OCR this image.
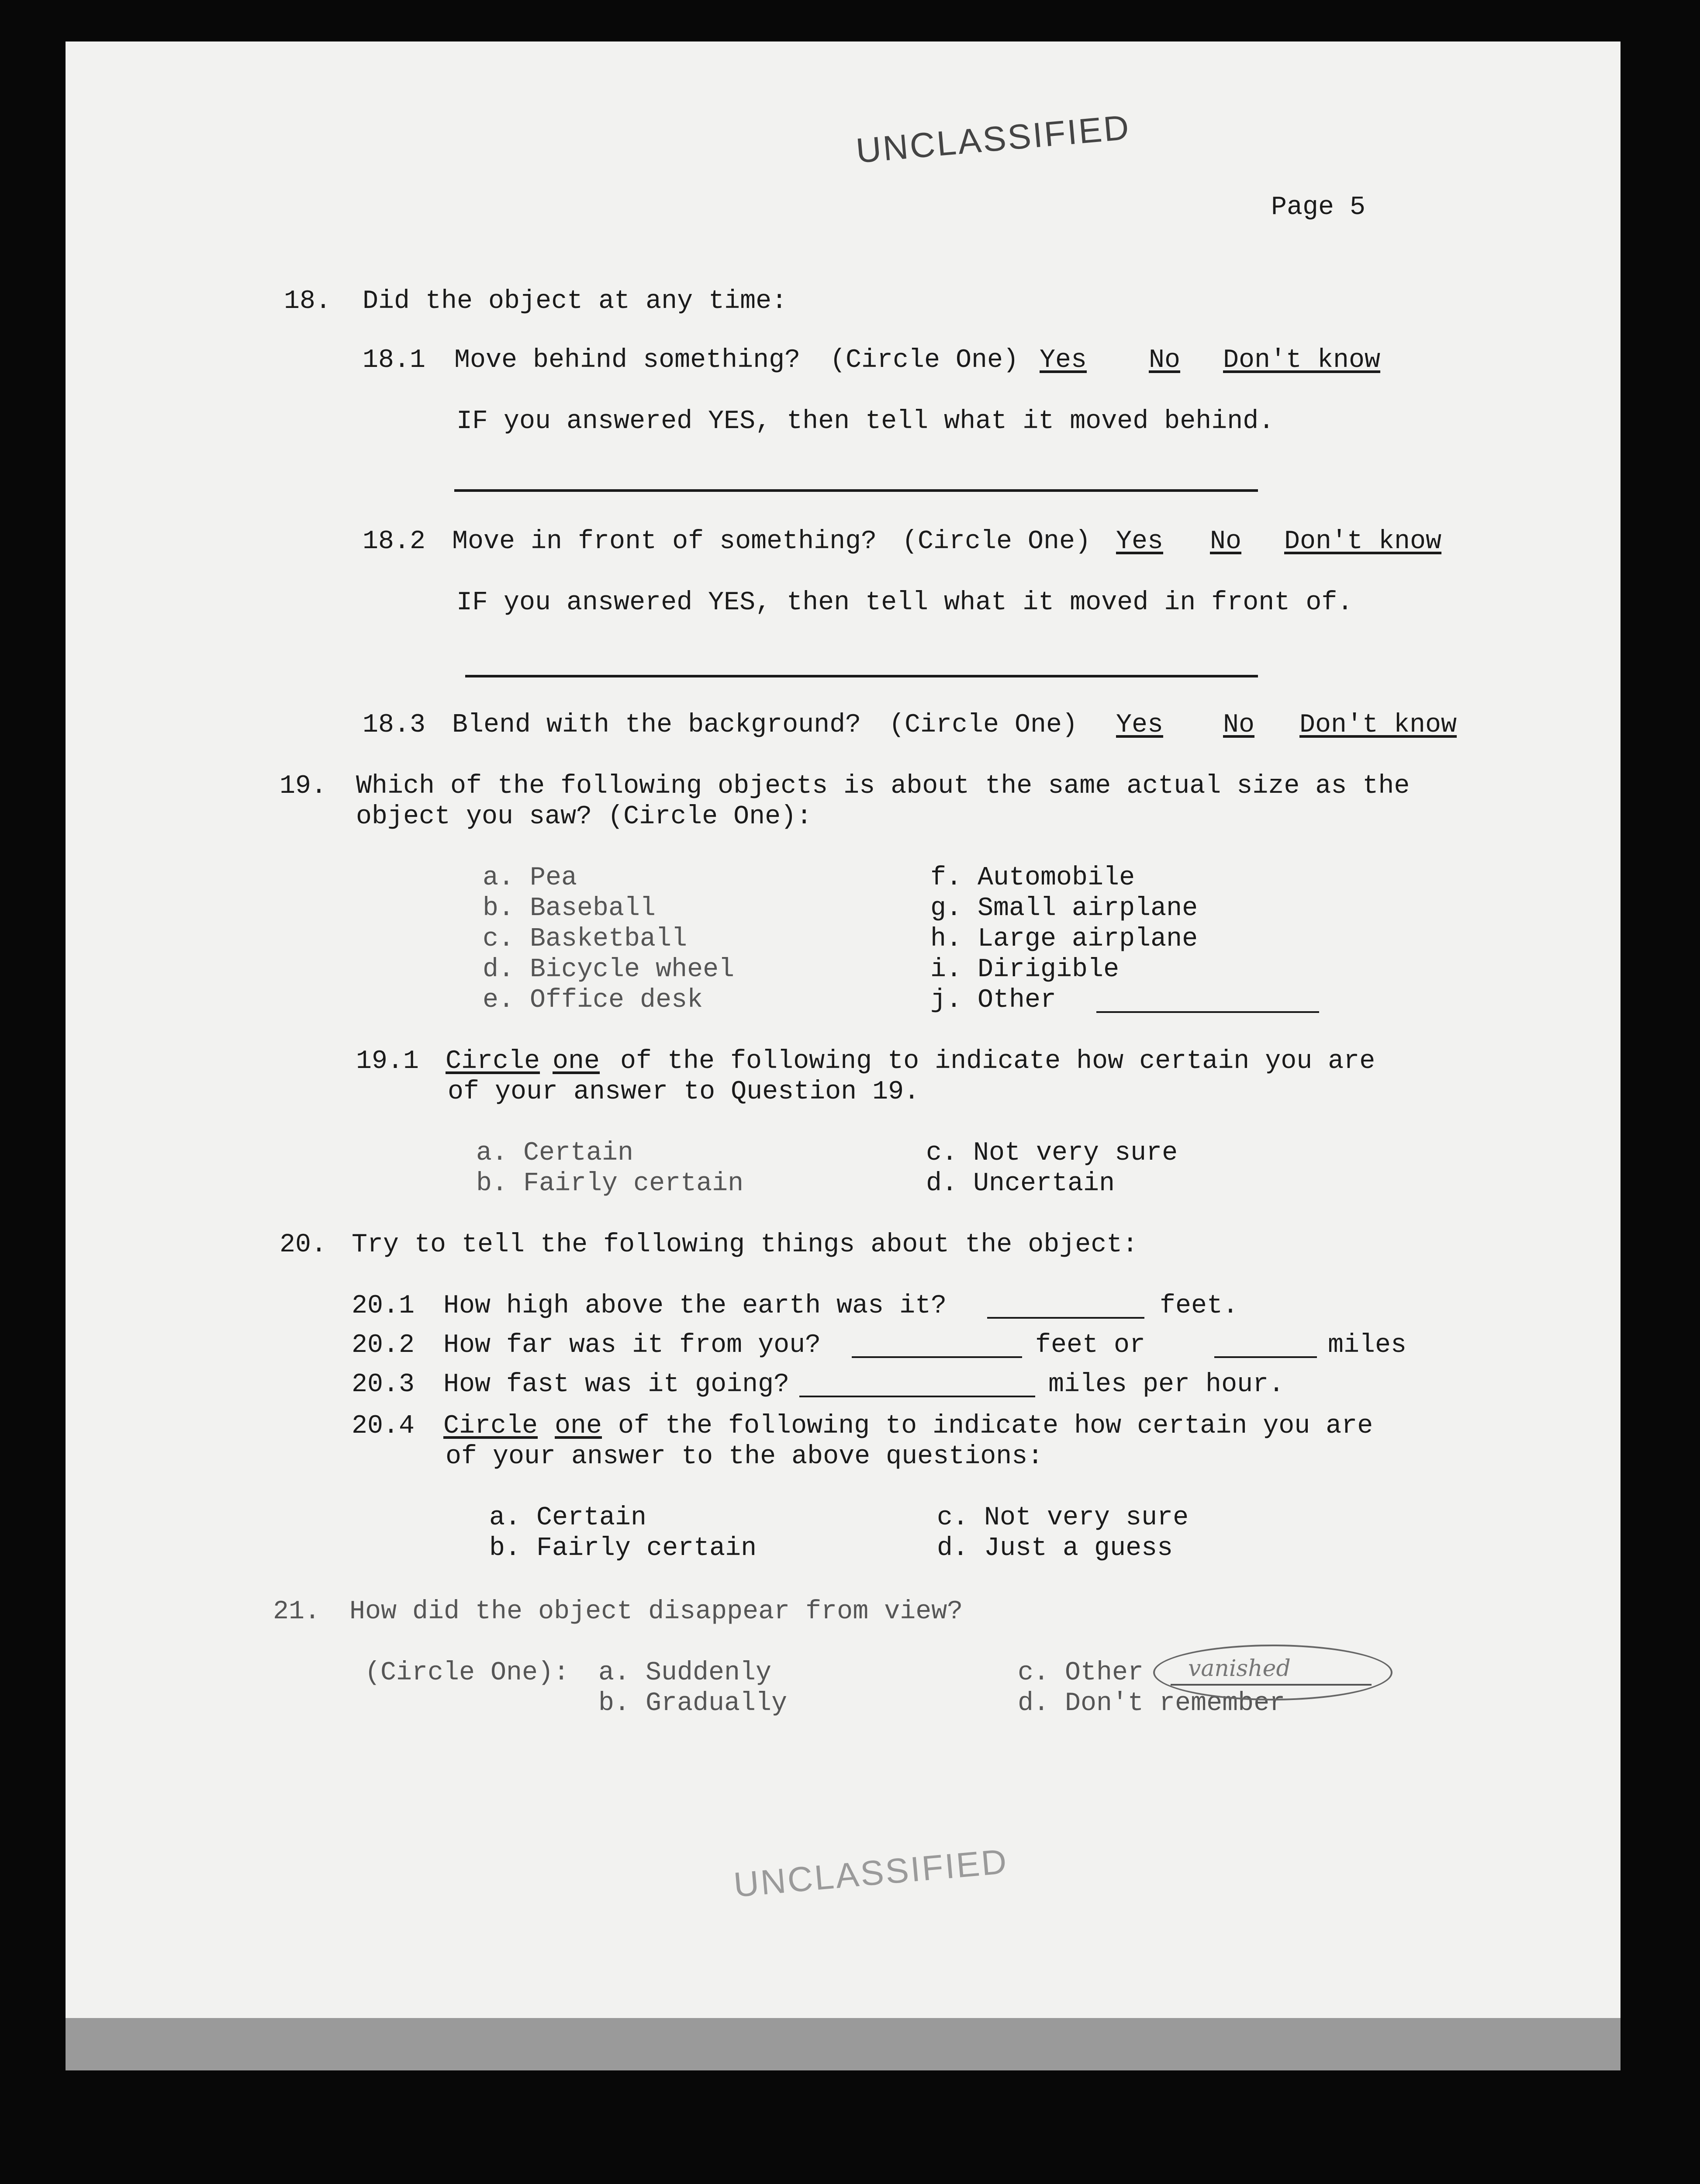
UNCLASSIFIED
UNCLASSIFIED
Page 5
18. Did the object at any time:
18.1 Move behind something? (Circle One) Yes No Don't know
IF you answered YES, then tell what it moved behind.
18.2 Move in front of something? (Circle One) Yes No Don't know
IF you answered YES, then tell what it moved in front of.
18.3 Blend with the background? (Circle One) Yes No Don't know
19. Which of the following objects is about the same actual size as the
object you saw? (Circle One):
a. Pea
b. Baseball
c. Basketball
d. Bicycle wheel
e. Office desk
f. Automobile
g. Small airplane
h. Large airplane
i. Dirigible
j. Other
19.1 Circle one of the following to indicate how certain you are
of your answer to Question 19.
a. Certain
b. Fairly certain
c. Not very sure
d. Uncertain
20. Try to tell the following things about the object:
20.1 How high above the earth was it?	feet.
20.2 How far was it from you?	feet or	miles
20.3 How fast was it going?	miles per hour.
20.4 Circle one of the following to indicate how certain you are
of your answer to the above questions:
a. Certain
b. Fairly certain
c. Not very sure
d. Just a guess
21. How did the object disappear from view?
(Circle One): a. Suddenly
b. Gradually
c. Other
d. Don't remember
vanished
